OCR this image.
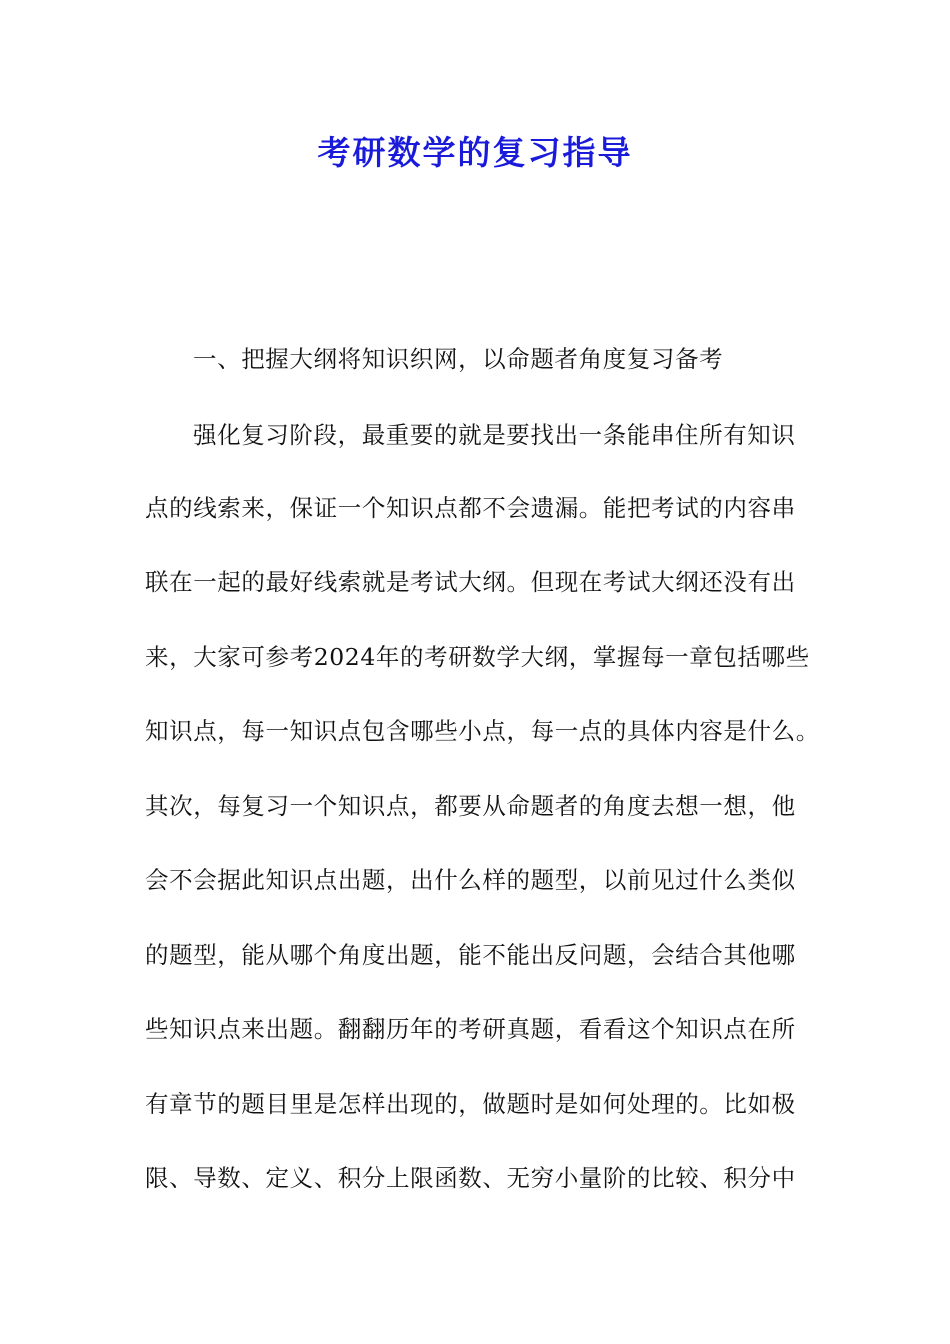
考研数学的复习指导
一、把握大纲将知识织网，以命题者角度复习备考
强化复习阶段，最重要的就是要找出一条能串住所有知识
点的线索来，保证一个知识点都不会遗漏。能把考试的内容串
联在一起的最好线索就是考试大纲。但现在考试大纲还没有出
来，大家可参考2024年的考研数学大纲，掌握每一章包括哪些
知识点，每一知识点包含哪些小点，每一点的具体内容是什么。
其次，每复习一个知识点，都要从命题者的角度去想一想，他
会不会据此知识点出题，出什么样的题型，以前见过什么类似
的题型，能从哪个角度出题，能不能出反问题，会结合其他哪
些知识点来出题。翻翻历年的考研真题，看看这个知识点在所
有章节的题目里是怎样出现的，做题时是如何处理的。比如极
限、导数、定义、积分上限函数、无穷小量阶的比较、积分中
